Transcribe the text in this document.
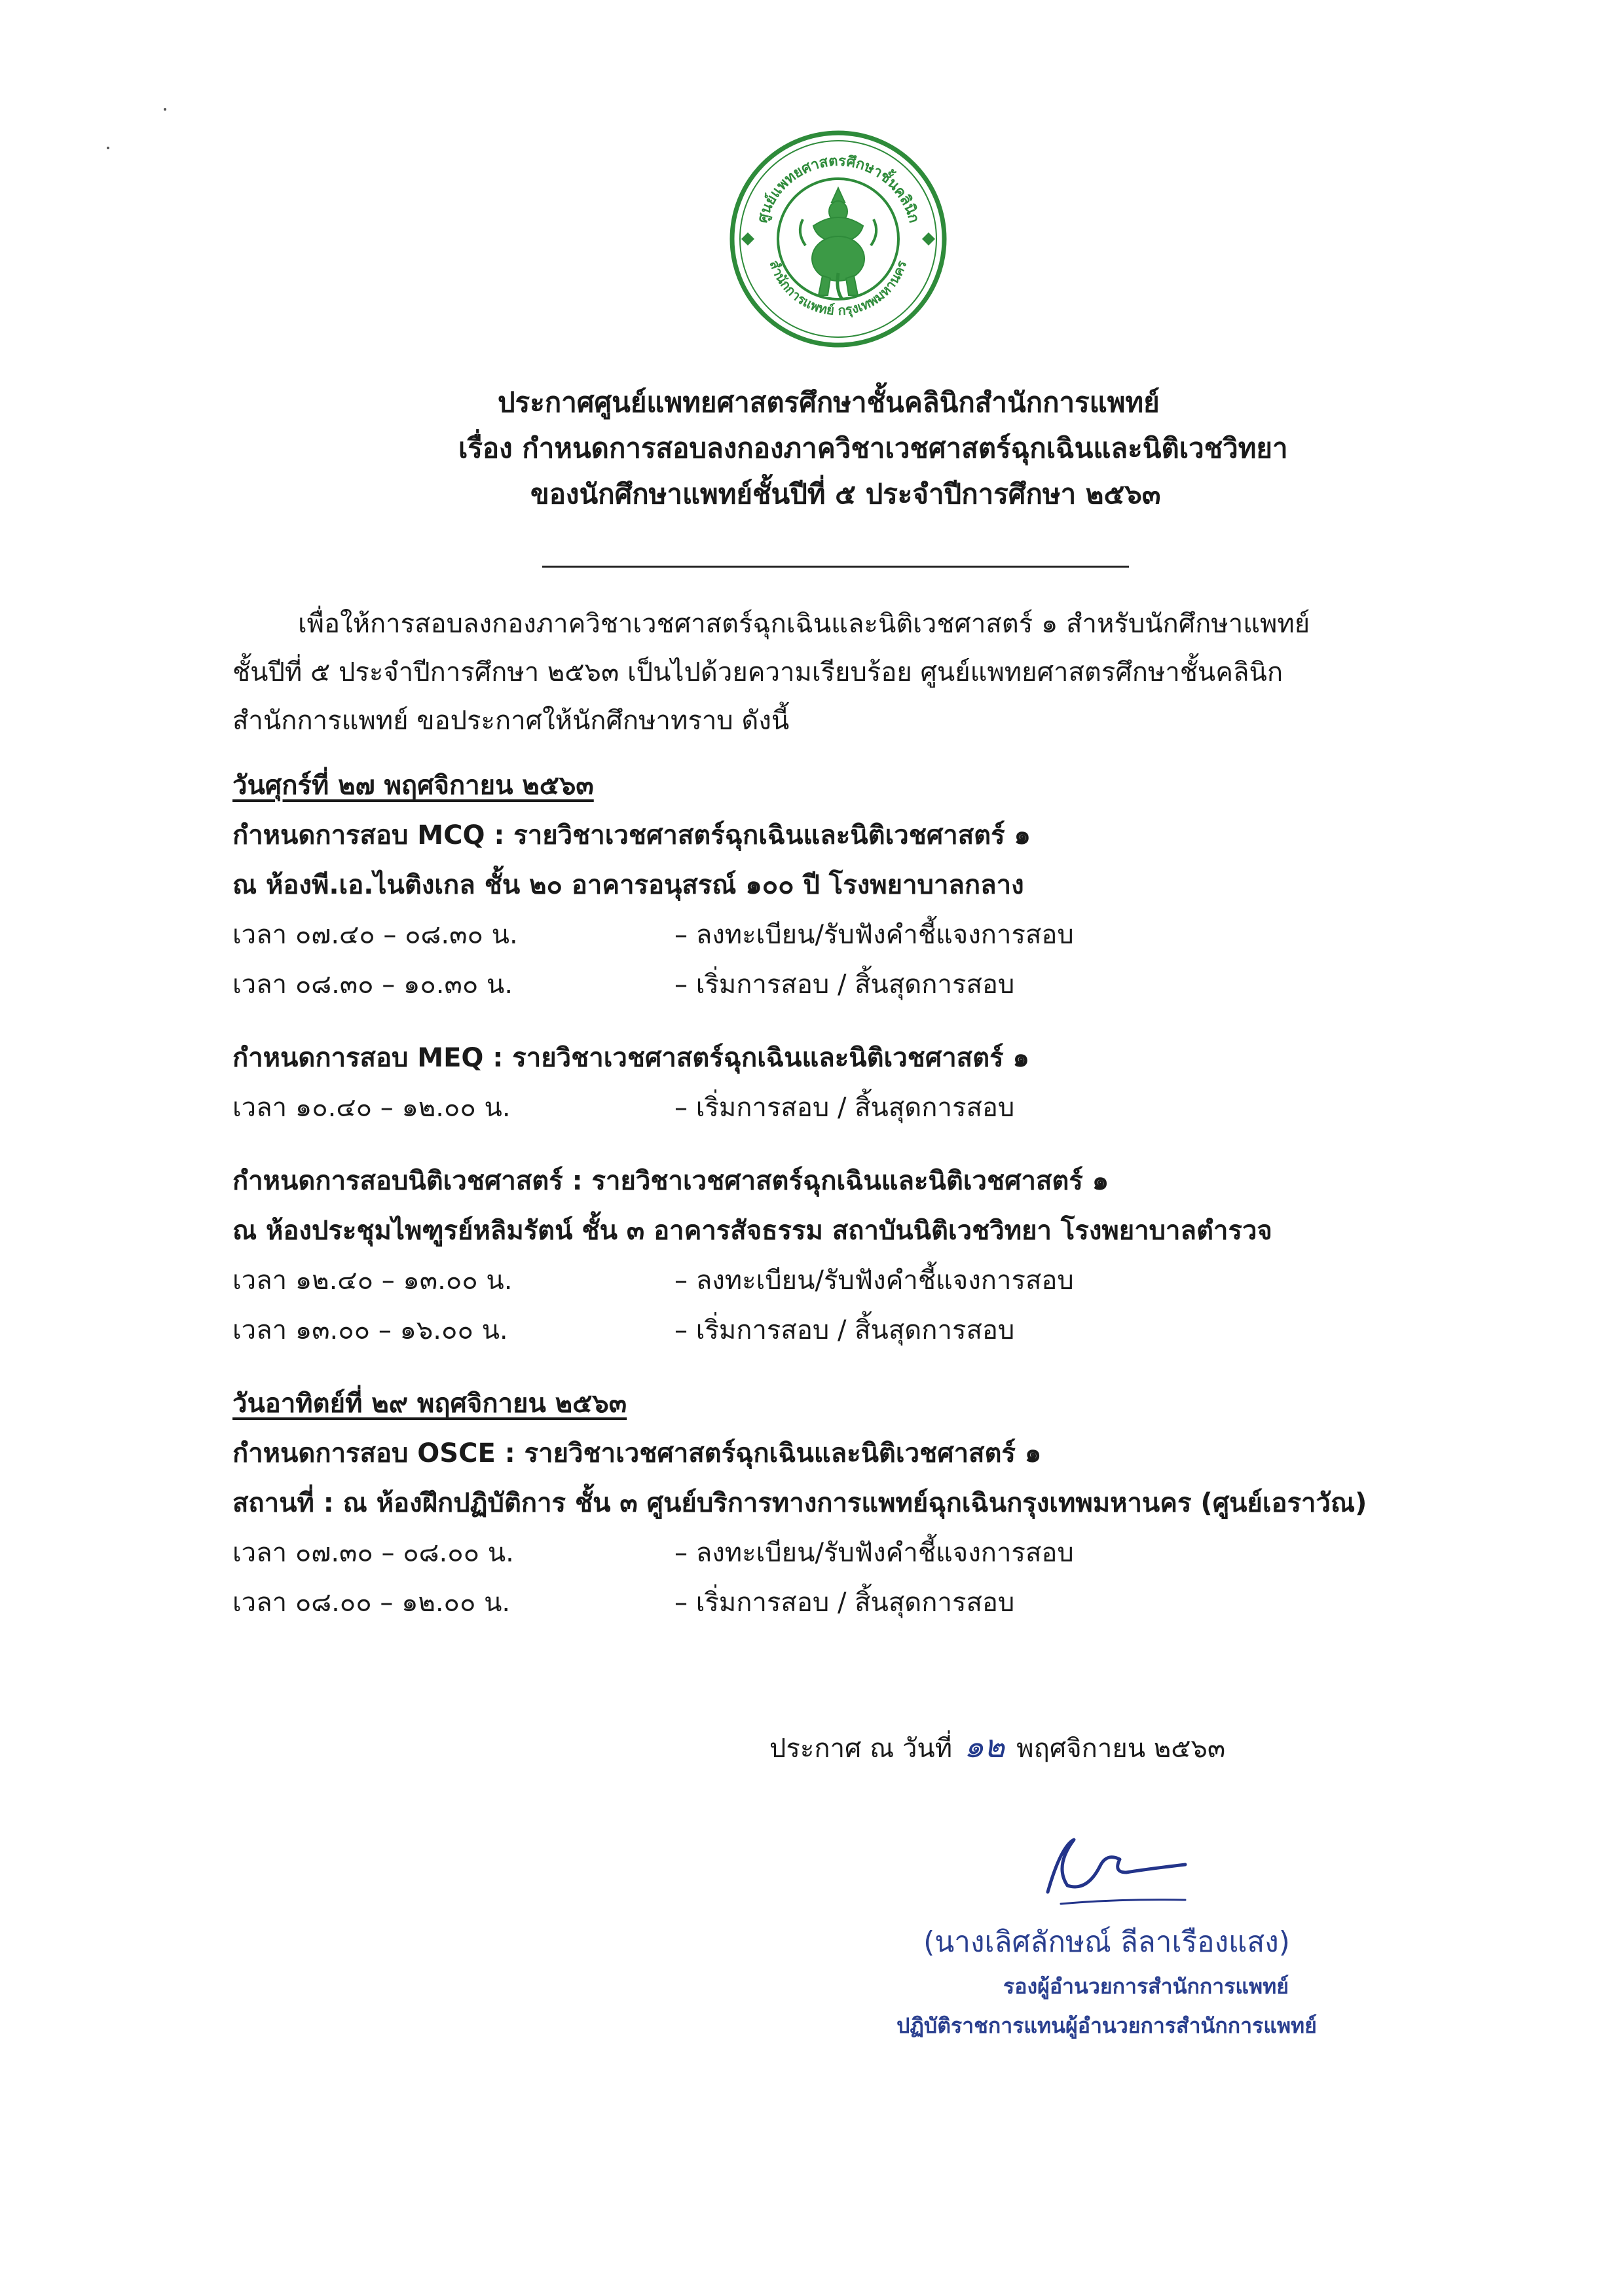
ศูนย์แพทยศาสตรศึกษาชั้นคลินิก
สำนักการแพทย์ กรุงเทพมหานคร
ประกาศศูนย์แพทยศาสตรศึกษาชั้นคลินิกสำนักการแพทย์
เรื่อง กำหนดการสอบลงกองภาควิชาเวชศาสตร์ฉุกเฉินและนิติเวชวิทยา
ของนักศึกษาแพทย์ชั้นปีที่ ๕ ประจำปีการศึกษา ๒๕๖๓
เพื่อให้การสอบลงกองภาควิชาเวชศาสตร์ฉุกเฉินและนิติเวชศาสตร์ ๑ สำหรับนักศึกษาแพทย์
ชั้นปีที่ ๕ ประจำปีการศึกษา ๒๕๖๓ เป็นไปด้วยความเรียบร้อย ศูนย์แพทยศาสตรศึกษาชั้นคลินิก
สำนักการแพทย์ ขอประกาศให้นักศึกษาทราบ ดังนี้
วันศุกร์ที่ ๒๗ พฤศจิกายน ๒๕๖๓
กำหนดการสอบ MCQ : รายวิชาเวชศาสตร์ฉุกเฉินและนิติเวชศาสตร์ ๑
ณ ห้องพี.เอ.ไนติงเกล ชั้น ๒๐ อาคารอนุสรณ์ ๑๐๐ ปี โรงพยาบาลกลาง
เวลา ๐๗.๔๐ – ๐๘.๓๐ น.	– ลงทะเบียน/รับฟังคำชี้แจงการสอบ
เวลา ๐๘.๓๐ – ๑๐.๓๐ น.	– เริ่มการสอบ / สิ้นสุดการสอบ
กำหนดการสอบ MEQ : รายวิชาเวชศาสตร์ฉุกเฉินและนิติเวชศาสตร์ ๑
เวลา ๑๐.๔๐ – ๑๒.๐๐ น.	– เริ่มการสอบ / สิ้นสุดการสอบ
กำหนดการสอบนิติเวชศาสตร์ : รายวิชาเวชศาสตร์ฉุกเฉินและนิติเวชศาสตร์ ๑
ณ ห้องประชุมไพฑูรย์หลิมรัตน์ ชั้น ๓ อาคารสัจธรรม สถาบันนิติเวชวิทยา โรงพยาบาลตำรวจ
เวลา ๑๒.๔๐ – ๑๓.๐๐ น.	– ลงทะเบียน/รับฟังคำชี้แจงการสอบ
เวลา ๑๓.๐๐ – ๑๖.๐๐ น.	– เริ่มการสอบ / สิ้นสุดการสอบ
วันอาทิตย์ที่ ๒๙ พฤศจิกายน ๒๕๖๓
กำหนดการสอบ OSCE : รายวิชาเวชศาสตร์ฉุกเฉินและนิติเวชศาสตร์ ๑
สถานที่ : ณ ห้องฝึกปฏิบัติการ ชั้น ๓ ศูนย์บริการทางการแพทย์ฉุกเฉินกรุงเทพมหานคร (ศูนย์เอราวัณ)
เวลา ๐๗.๓๐ – ๐๘.๐๐ น.	– ลงทะเบียน/รับฟังคำชี้แจงการสอบ
เวลา ๐๘.๐๐ – ๑๒.๐๐ น.	– เริ่มการสอบ / สิ้นสุดการสอบ
ประกาศ ณ วันที่ ๑๒ พฤศจิกายน ๒๕๖๓
(นางเลิศลักษณ์ ลีลาเรืองแสง)
รองผู้อำนวยการสำนักการแพทย์
ปฏิบัติราชการแทนผู้อำนวยการสำนักการแพทย์
